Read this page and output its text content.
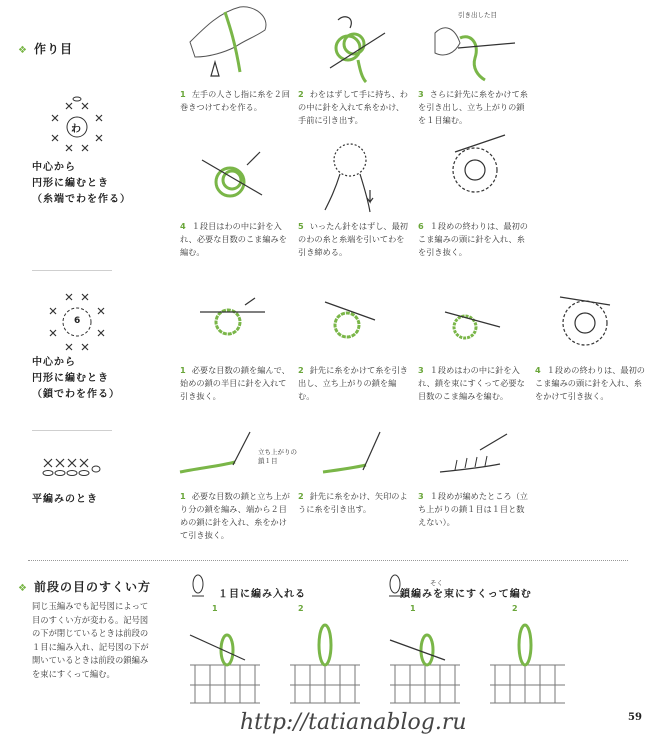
❖ 作り目
わ
中心から
円形に編むとき
（糸端でわを作る）
6
中心から
円形に編むとき
（鎖でわを作る）
平編みのとき
引き出した目
1 左手の人さし指に糸を２回巻きつけてわを作る。
2 わをはずして手に持ち、わの中に針を入れて糸をかけ、手前に引き出す。
3 さらに針先に糸をかけて糸を引き出し、立ち上がりの鎖を１目編む。
4 １段目はわの中に針を入れ、必要な目数のこま編みを編む。
5 いったん針をはずし、最初のわの糸と糸端を引いてわを引き締める。
6 １段めの終わりは、最初のこま編みの頭に針を入れ、糸を引き抜く。
1 必要な目数の鎖を編んで、始めの鎖の半目に針を入れて引き抜く。
2 針先に糸をかけて糸を引き出し、立ち上がりの鎖を編む。
3 １段めはわの中に針を入れ、鎖を束にすくって必要な目数のこま編みを編む。
4 １段めの終わりは、最初のこま編みの頭に針を入れ、糸をかけて引き抜く。
立ち上がりの
鎖１目
1 必要な目数の鎖と立ち上がり分の鎖を編み、端から２目めの鎖に針を入れ、糸をかけて引き抜く。
2 針先に糸をかけ、矢印のように糸を引き出す。
3 １段めが編めたところ（立ち上がりの鎖１目は１目と数えない）。
❖ 前段の目のすくい方
同じ玉編みでも記号図によって目のすくい方が変わる。記号図の下が閉じているときは前段の１目に編み入れ、記号図の下が開いているときは前段の鎖編みを束にすくって編む。
１目に編み入れる
そく
鎖編みを束にすくって編む
1	2	1	2
http://tatianablog.ru	59
